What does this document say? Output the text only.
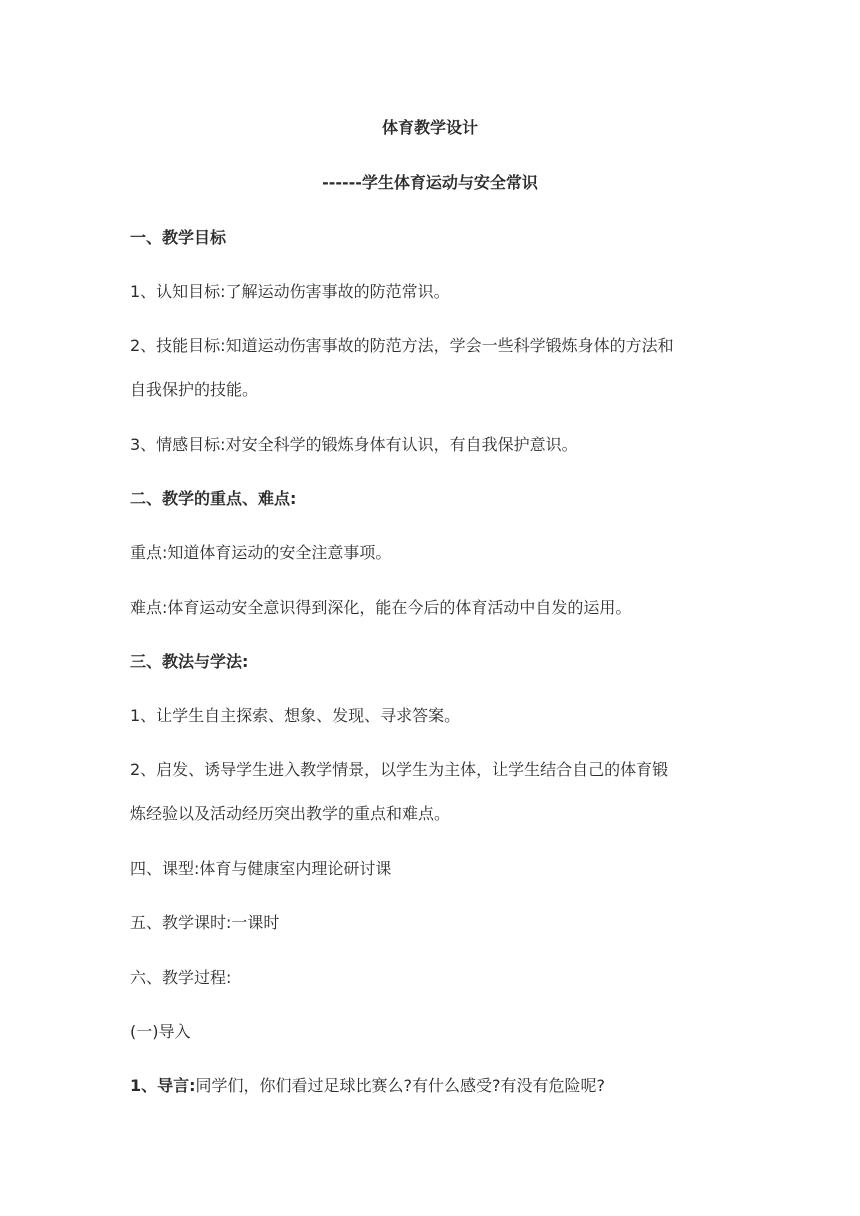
体育教学设计
------学生体育运动与安全常识
一、教学目标
1、认知目标:了解运动伤害事故的防范常识。
2、技能目标:知道运动伤害事故的防范方法，学会一些科学锻炼身体的方法和
自我保护的技能。
3、情感目标:对安全科学的锻炼身体有认识，有自我保护意识。
二、教学的重点、难点:
重点:知道体育运动的安全注意事项。
难点:体育运动安全意识得到深化，能在今后的体育活动中自发的运用。
三、教法与学法:
1、让学生自主探索、想象、发现、寻求答案。
2、启发、诱导学生进入教学情景，以学生为主体，让学生结合自己的体育锻
炼经验以及活动经历突出教学的重点和难点。
四、课型:体育与健康室内理论研讨课
五、教学课时:一课时
六、教学过程:
(一)导入
1、导言:同学们，你们看过足球比赛么?有什么感受?有没有危险呢?
